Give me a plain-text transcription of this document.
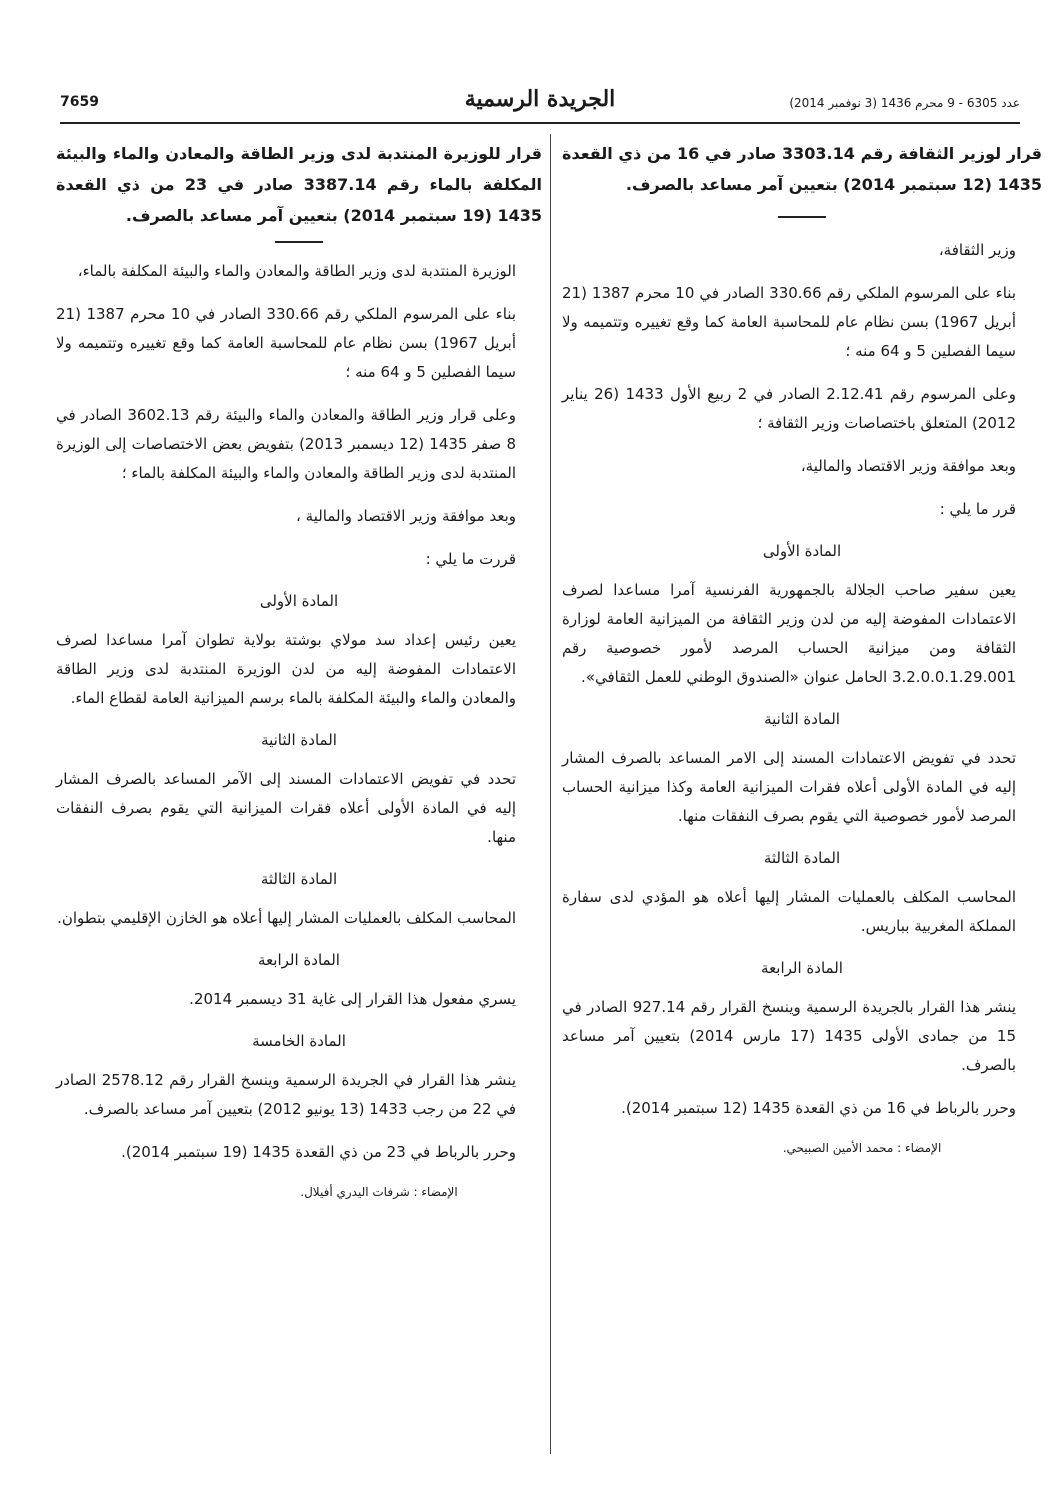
7659	الجريدة الرسمية	عدد 6305 - 9 محرم 1436 (3 نوفمبر 2014)

قرار لوزير الثقافة رقم 3303.14 صادر في 16 من ذي القعدة 1435 (12 سبتمبر 2014) بتعيين آمر مساعد بالصرف.

وزير الثقافة،

بناء على المرسوم الملكي رقم 330.66 الصادر في 10 محرم 1387 (21 أبريل 1967) بسن نظام عام للمحاسبة العامة كما وقع تغييره وتتميمه ولا سيما الفصلين 5 و 64 منه ؛

وعلى المرسوم رقم 2.12.41 الصادر في 2 ربيع الأول 1433 (26 يناير 2012) المتعلق باختصاصات وزير الثقافة ؛

وبعد موافقة وزير الاقتصاد والمالية،

قرر ما يلي :

المادة الأولى

يعين سفير صاحب الجلالة بالجمهورية الفرنسية آمرا مساعدا لصرف الاعتمادات المفوضة إليه من لدن وزير الثقافة من الميزانية العامة لوزارة الثقافة ومن ميزانية الحساب المرصد لأمور خصوصية رقم 3.2.0.0.1.29.001 الحامل عنوان «الصندوق الوطني للعمل الثقافي».

المادة الثانية

تحدد في تفويض الاعتمادات المسند إلى الامر المساعد بالصرف المشار إليه في المادة الأولى أعلاه فقرات الميزانية العامة وكذا ميزانية الحساب المرصد لأمور خصوصية التي يقوم بصرف النفقات منها.

المادة الثالثة

المحاسب المكلف بالعمليات المشار إليها أعلاه هو المؤدي لدى سفارة المملكة المغربية بباريس.

المادة الرابعة

ينشر هذا القرار بالجريدة الرسمية وينسخ القرار رقم 927.14 الصادر في 15 من جمادى الأولى 1435 (17 مارس 2014) بتعيين آمر مساعد بالصرف.

وحرر بالرباط في 16 من ذي القعدة 1435 (12 سبتمبر 2014).

الإمضاء : محمد الأمين الصبيحي.

قرار للوزيرة المنتدبة لدى وزير الطاقة والمعادن والماء والبيئة المكلفة بالماء رقم 3387.14 صادر في 23 من ذي القعدة 1435 (19 سبتمبر 2014) بتعيين آمر مساعد بالصرف.

الوزيرة المنتدبة لدى وزير الطاقة والمعادن والماء والبيئة المكلفة بالماء،

بناء على المرسوم الملكي رقم 330.66 الصادر في 10 محرم 1387 (21 أبريل 1967) بسن نظام عام للمحاسبة العامة كما وقع تغييره وتتميمه ولا سيما الفصلين 5 و 64 منه ؛

وعلى قرار وزير الطاقة والمعادن والماء والبيئة رقم 3602.13 الصادر في 8 صفر 1435 (12 ديسمبر 2013) بتفويض بعض الاختصاصات إلى الوزيرة المنتدبة لدى وزير الطاقة والمعادن والماء والبيئة المكلفة بالماء ؛

وبعد موافقة وزير الاقتصاد والمالية ،

قررت ما يلي :

المادة الأولى

يعين رئيس إعداد سد مولاي بوشتة بولاية تطوان آمرا مساعدا لصرف الاعتمادات المفوضة إليه من لدن الوزيرة المنتدبة لدى وزير الطاقة والمعادن والماء والبيئة المكلفة بالماء برسم الميزانية العامة لقطاع الماء.

المادة الثانية

تحدد في تفويض الاعتمادات المسند إلى الآمر المساعد بالصرف المشار إليه في المادة الأولى أعلاه فقرات الميزانية التي يقوم بصرف النفقات منها.

المادة الثالثة

المحاسب المكلف بالعمليات المشار إليها أعلاه هو الخازن الإقليمي بتطوان.

المادة الرابعة

يسري مفعول هذا القرار إلى غاية 31 ديسمبر 2014.

المادة الخامسة

ينشر هذا القرار في الجريدة الرسمية وينسخ القرار رقم 2578.12 الصادر في 22 من رجب 1433 (13 يونيو 2012) بتعيين آمر مساعد بالصرف.

وحرر بالرباط في 23 من ذي القعدة 1435 (19 سبتمبر 2014).

الإمضاء : شرفات اليدري أفيلال.
